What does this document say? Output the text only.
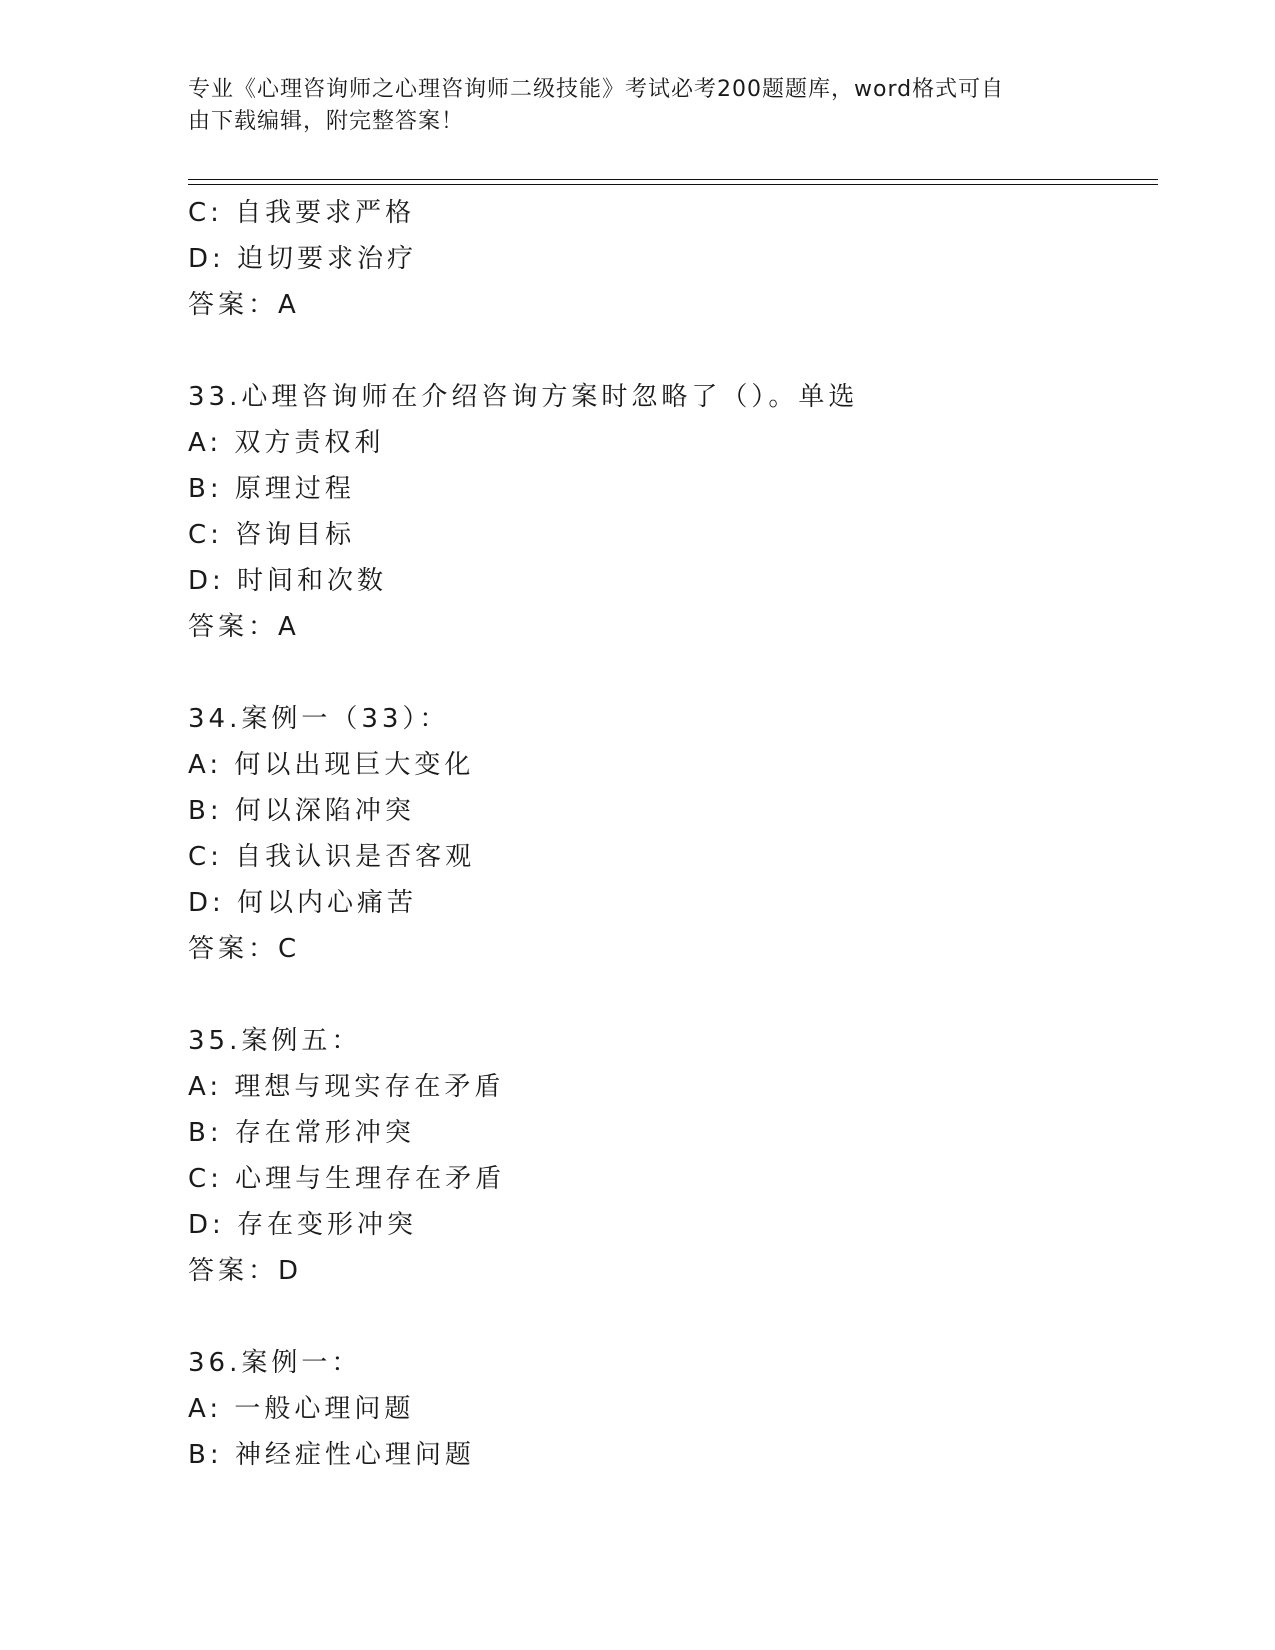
专业《心理咨询师之心理咨询师二级技能》考试必考200题题库，word格式可自
由下载编辑，附完整答案！
C: 自我要求严格
D: 迫切要求治疗
答案：A
33.心理咨询师在介绍咨询方案时忽略了（）。单选
A: 双方责权利
B: 原理过程
C: 咨询目标
D: 时间和次数
答案：A
34.案例一（33）：
A: 何以出现巨大变化
B: 何以深陷冲突
C: 自我认识是否客观
D: 何以内心痛苦
答案：C
35.案例五：
A: 理想与现实存在矛盾
B: 存在常形冲突
C: 心理与生理存在矛盾
D: 存在变形冲突
答案：D
36.案例一：
A: 一般心理问题
B: 神经症性心理问题
